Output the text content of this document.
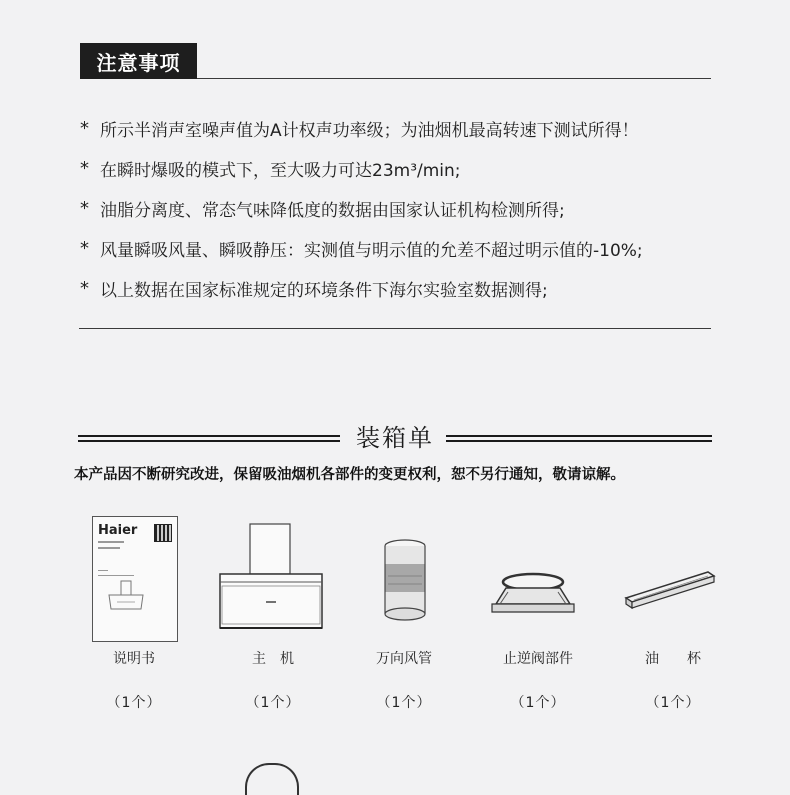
注意事项
* 所示半消声室噪声值为A计权声功率级；为油烟机最高转速下测试所得！
* 在瞬时爆吸的模式下，至大吸力可达23m³/min;
* 油脂分离度、常态气味降低度的数据由国家认证机构检测所得;
* 风量瞬吸风量、瞬吸静压：实测值与明示值的允差不超过明示值的-10%;
* 以上数据在国家标准规定的环境条件下海尔实验室数据测得;
装箱单
本产品因不断研究改进，保留吸油烟机各部件的变更权利，恕不另行通知，敬请谅解。
Haier
说明书
（1个）
主　机
（1个）
万向风管
（1个）
止逆阀部件
（1个）
油　　杯
（1个）
